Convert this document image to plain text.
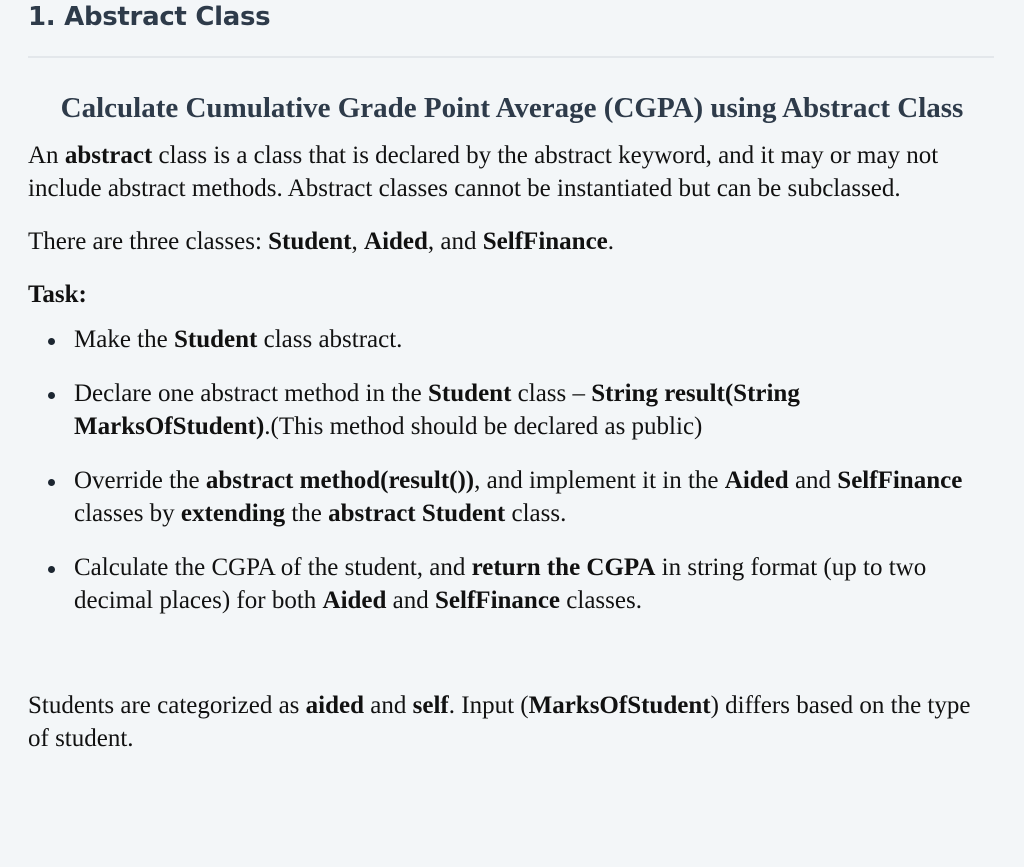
1. Abstract Class
Calculate Cumulative Grade Point Average (CGPA) using Abstract Class

An abstract class is a class that is declared by the abstract keyword, and it may or may not include abstract methods. Abstract classes cannot be instantiated but can be subclassed.

There are three classes: Student, Aided, and SelfFinance.

Task:

Make the Student class abstract.
Declare one abstract method in the Student class – String result(String MarksOfStudent).(This method should be declared as public)
Override the abstract method(result()), and implement it in the Aided and SelfFinance classes by extending the abstract Student class.
Calculate the CGPA of the student, and return the CGPA in string format (up to two decimal places) for both Aided and SelfFinance classes.

Students are categorized as aided and self. Input (MarksOfStudent) differs based on the type of student.
